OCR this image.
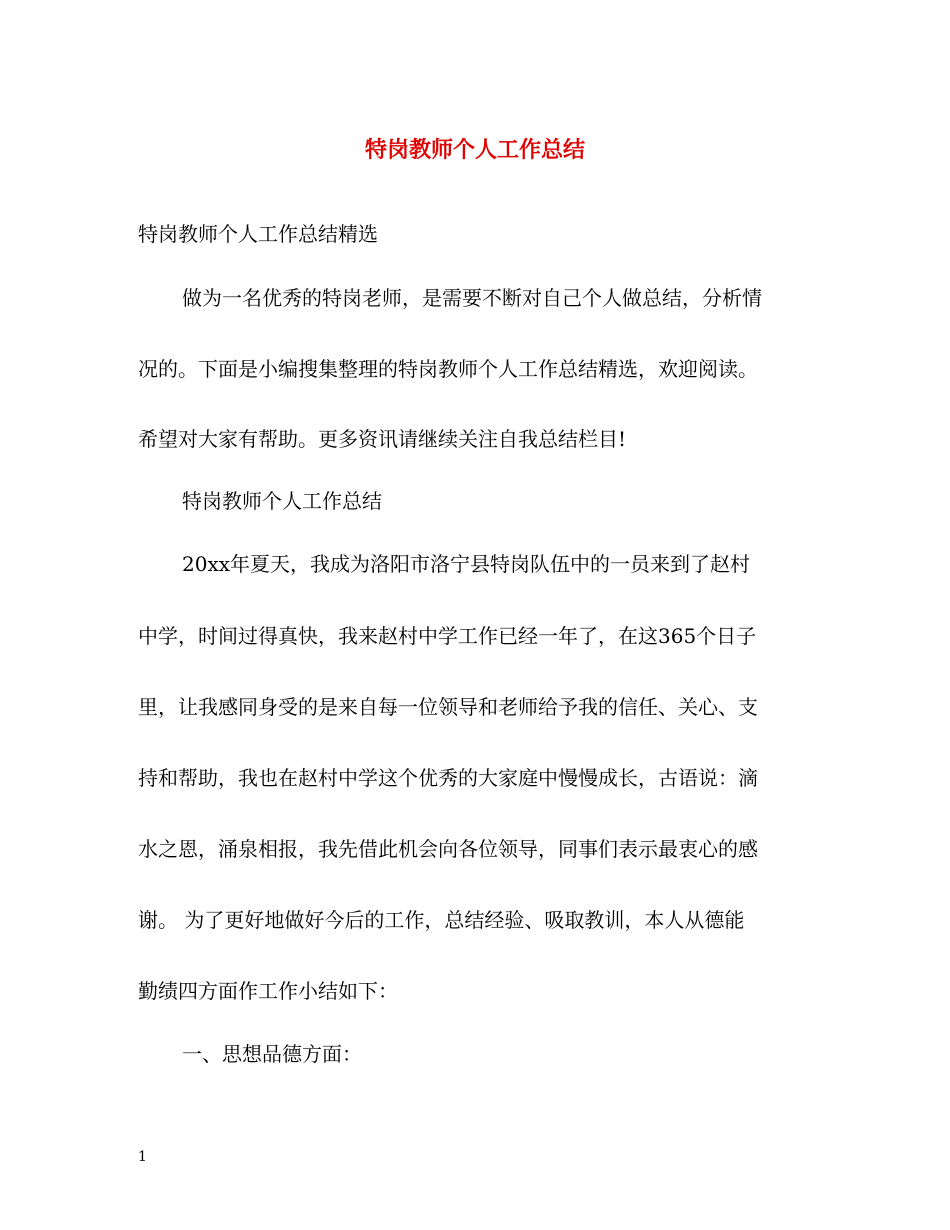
特岗教师个人工作总结
特岗教师个人工作总结精选
做为一名优秀的特岗老师，是需要不断对自己个人做总结，分析情
况的。下面是小编搜集整理的特岗教师个人工作总结精选，欢迎阅读。
希望对大家有帮助。更多资讯请继续关注自我总结栏目!
特岗教师个人工作总结
20xx年夏天，我成为洛阳市洛宁县特岗队伍中的一员来到了赵村
中学，时间过得真快，我来赵村中学工作已经一年了，在这365个日子
里，让我感同身受的是来自每一位领导和老师给予我的信任、关心、支
持和帮助，我也在赵村中学这个优秀的大家庭中慢慢成长，古语说：滴
水之恩，涌泉相报，我先借此机会向各位领导，同事们表示最衷心的感
谢。 为了更好地做好今后的工作，总结经验、吸取教训，本人从德能
勤绩四方面作工作小结如下：
一、思想品德方面：
1
